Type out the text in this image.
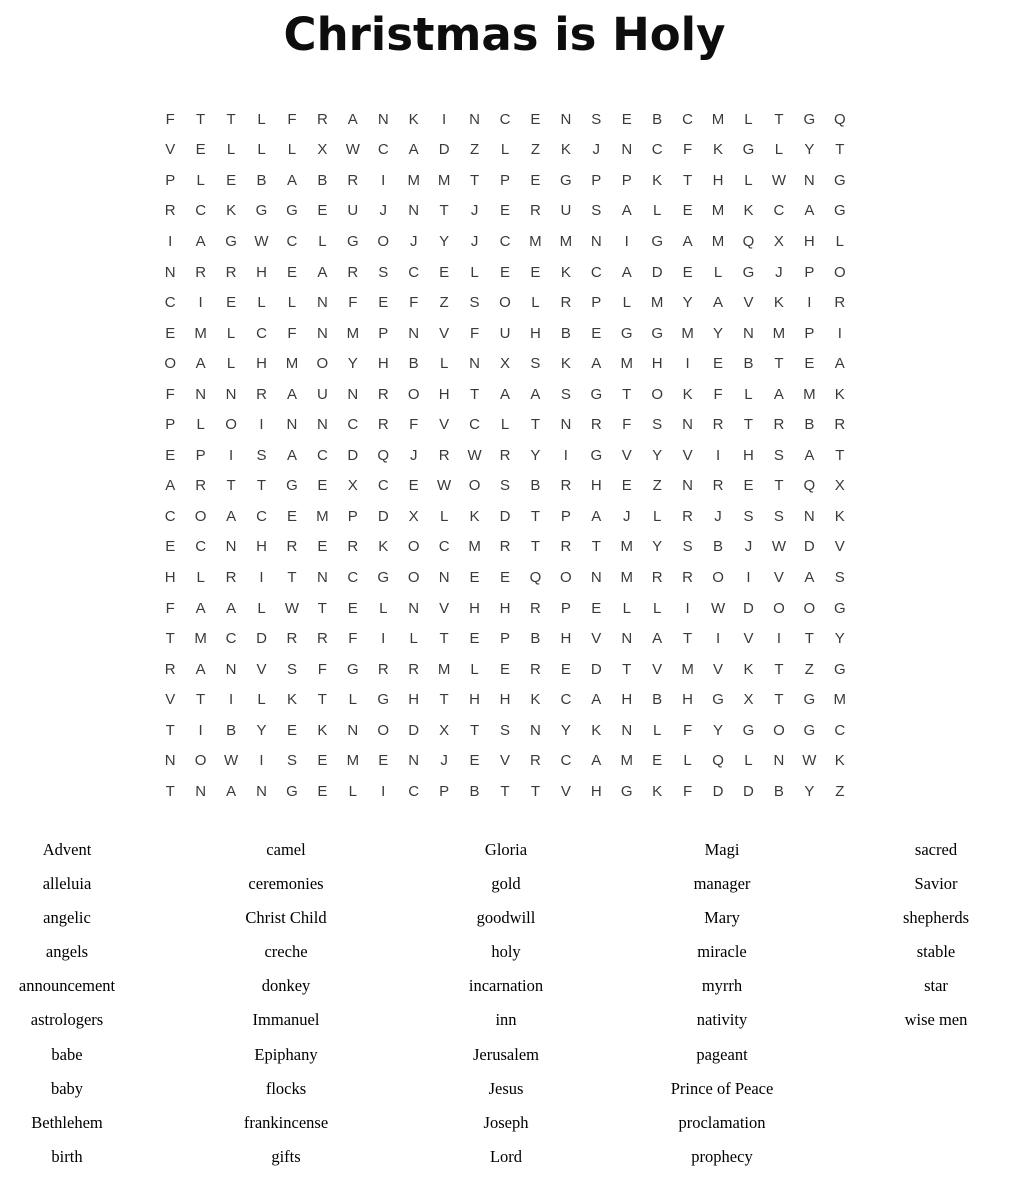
Christmas is Holy
F	T	T	L	F	R	A	N	K	I	N	C	E	N	S	E	B	C	M	L	T	G	Q
V	E	L	L	L	X	W	C	A	D	Z	L	Z	K	J	N	C	F	K	G	L	Y	T
P	L	E	B	A	B	R	I	M	M	T	P	E	G	P	P	K	T	H	L	W	N	G
R	C	K	G	G	E	U	J	N	T	J	E	R	U	S	A	L	E	M	K	C	A	G
I	A	G	W	C	L	G	O	J	Y	J	C	M	M	N	I	G	A	M	Q	X	H	L
N	R	R	H	E	A	R	S	C	E	L	E	E	K	C	A	D	E	L	G	J	P	O
C	I	E	L	L	N	F	E	F	Z	S	O	L	R	P	L	M	Y	A	V	K	I	R
E	M	L	C	F	N	M	P	N	V	F	U	H	B	E	G	G	M	Y	N	M	P	I
O	A	L	H	M	O	Y	H	B	L	N	X	S	K	A	M	H	I	E	B	T	E	A
F	N	N	R	A	U	N	R	O	H	T	A	A	S	G	T	O	K	F	L	A	M	K
P	L	O	I	N	N	C	R	F	V	C	L	T	N	R	F	S	N	R	T	R	B	R
E	P	I	S	A	C	D	Q	J	R	W	R	Y	I	G	V	Y	V	I	H	S	A	T
A	R	T	T	G	E	X	C	E	W	O	S	B	R	H	E	Z	N	R	E	T	Q	X
C	O	A	C	E	M	P	D	X	L	K	D	T	P	A	J	L	R	J	S	S	N	K
E	C	N	H	R	E	R	K	O	C	M	R	T	R	T	M	Y	S	B	J	W	D	V
H	L	R	I	T	N	C	G	O	N	E	E	Q	O	N	M	R	R	O	I	V	A	S
F	A	A	L	W	T	E	L	N	V	H	H	R	P	E	L	L	I	W	D	O	O	G
T	M	C	D	R	R	F	I	L	T	E	P	B	H	V	N	A	T	I	V	I	T	Y
R	A	N	V	S	F	G	R	R	M	L	E	R	E	D	T	V	M	V	K	T	Z	G
V	T	I	L	K	T	L	G	H	T	H	H	K	C	A	H	B	H	G	X	T	G	M
T	I	B	Y	E	K	N	O	D	X	T	S	N	Y	K	N	L	F	Y	G	O	G	C
N	O	W	I	S	E	M	E	N	J	E	V	R	C	A	M	E	L	Q	L	N	W	K
T	N	A	N	G	E	L	I	C	P	B	T	T	V	H	G	K	F	D	D	B	Y	Z
Advent
alleluia
angelic
angels
announcement
astrologers
babe
baby
Bethlehem
birth
camel
ceremonies
Christ Child
creche
donkey
Immanuel
Epiphany
flocks
frankincense
gifts
Gloria
gold
goodwill
holy
incarnation
inn
Jerusalem
Jesus
Joseph
Lord
Magi
manager
Mary
miracle
myrrh
nativity
pageant
Prince of Peace
proclamation
prophecy
sacred
Savior
shepherds
stable
star
wise men
